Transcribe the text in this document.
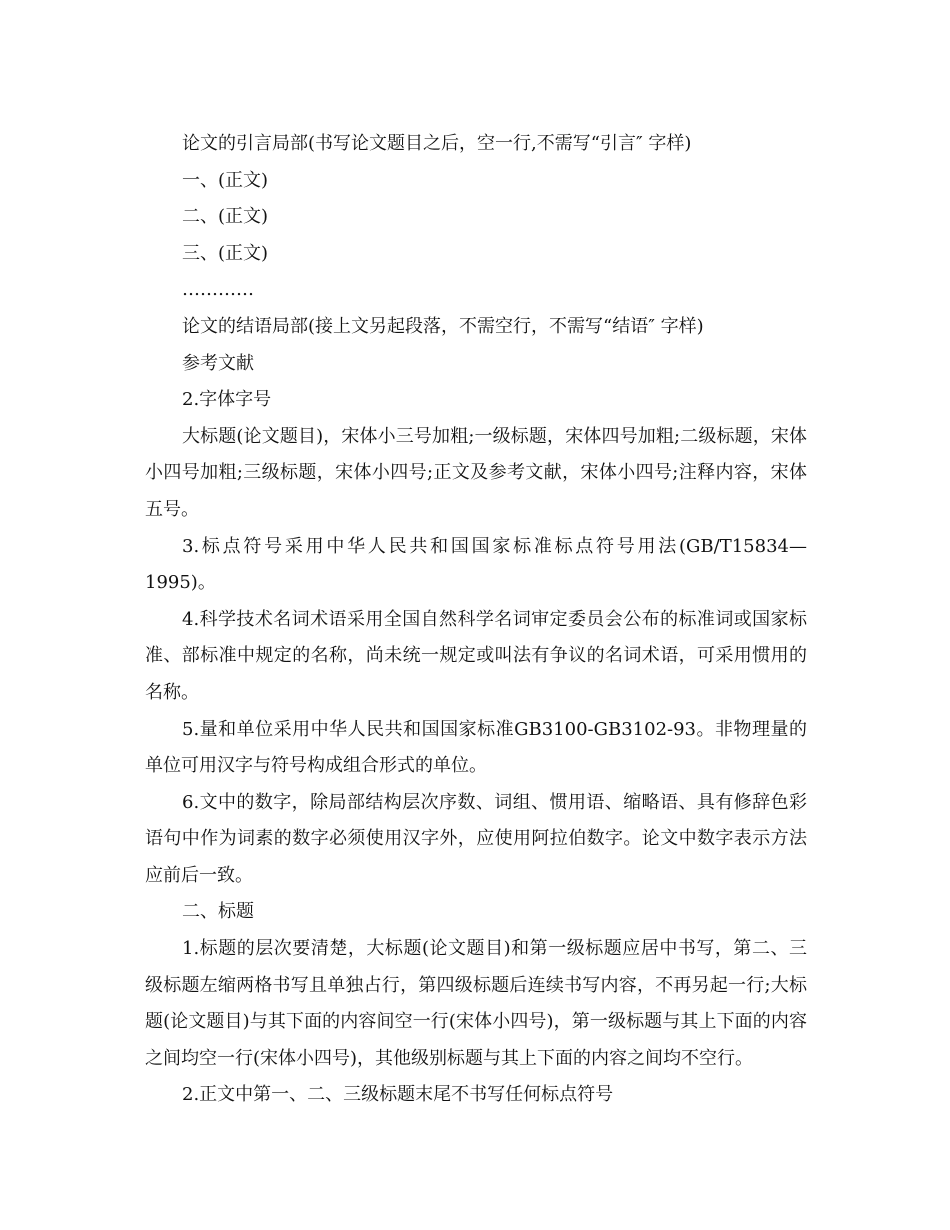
论文的引言局部(书写论文题目之后，空一行,不需写“引言″ 字样)

一、(正文)

二、(正文)

三、(正文)

…………

论文的结语局部(接上文另起段落，不需空行，不需写“结语″ 字样)

参考文献

2.字体字号

大标题(论文题目)，宋体小三号加粗;一级标题，宋体四号加粗;二级标题，宋体小四号加粗;三级标题，宋体小四号;正文及参考文献，宋体小四号;注释内容，宋体五号。

3.标点符号采用中华人民共和国国家标准标点符号用法(GB/T15834—1995)。

4.科学技术名词术语采用全国自然科学名词审定委员会公布的标准词或国家标准、部标准中规定的名称，尚未统一规定或叫法有争议的名词术语，可采用惯用的名称。

5.量和单位采用中华人民共和国国家标准GB3100-GB3102-93。非物理量的单位可用汉字与符号构成组合形式的单位。

6.文中的数字，除局部结构层次序数、词组、惯用语、缩略语、具有修辞色彩语句中作为词素的数字必须使用汉字外，应使用阿拉伯数字。论文中数字表示方法应前后一致。

二、标题

1.标题的层次要清楚，大标题(论文题目)和第一级标题应居中书写，第二、三级标题左缩两格书写且单独占行，第四级标题后连续书写内容，不再另起一行;大标题(论文题目)与其下面的内容间空一行(宋体小四号)，第一级标题与其上下面的内容之间均空一行(宋体小四号)，其他级别标题与其上下面的内容之间均不空行。

2.正文中第一、二、三级标题末尾不书写任何标点符号
